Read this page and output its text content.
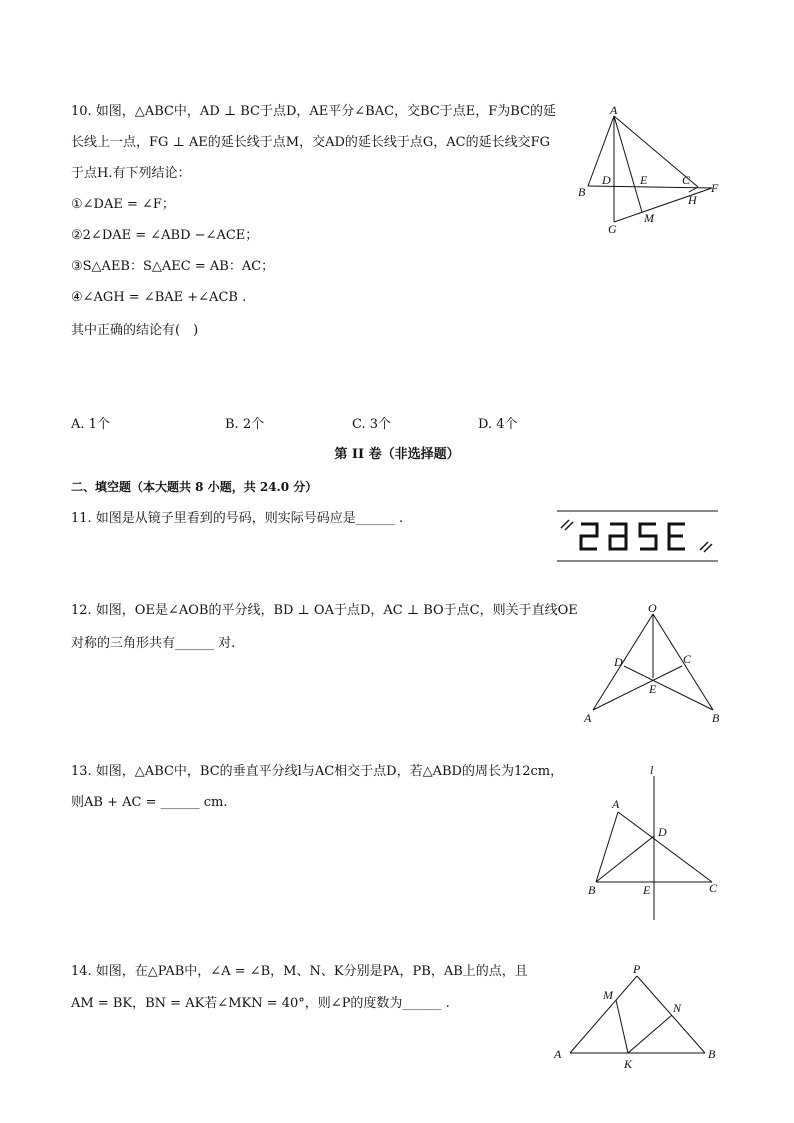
10. 如图，△ABC中，AD ⊥ BC于点D，AE平分∠BAC，交BC于点E，F为BC的延
长线上一点，FG ⊥ AE的延长线于点M，交AD的延长线于点G，AC的延长线交FG
于点H.有下列结论：
①∠DAE = ∠F；
②2∠DAE = ∠ABD −∠ACE；
③S△AEB：S△AEC = AB：AC；
④∠AGH = ∠BAE +∠ACB .
其中正确的结论有(　)
A. 1个	B. 2个	C. 3个	D. 4个
A
B
D E	C
F
H
M
G
第 II 卷（非选择题）
二、填空题（本大题共 8 小题，共 24.0 分）
11. 如图是从镜子里看到的号码，则实际号码应是______ .
12. 如图，OE是∠AOB的平分线，BD ⊥ OA于点D，AC ⊥ BO于点C，则关于直线OE
对称的三角形共有______ 对.
O
D	C
E
A	B
13. 如图，△ABC中，BC的垂直平分线l与AC相交于点D，若△ABD的周长为12cm，
则AB + AC = ______ cm.
l
A
D
B	E	C
14. 如图，在△PAB中，∠A = ∠B，M、N、K分别是PA，PB，AB上的点，且
AM = BK，BN = AK若∠MKN = 40°，则∠P的度数为______ .
P
M
N
A
K
B
